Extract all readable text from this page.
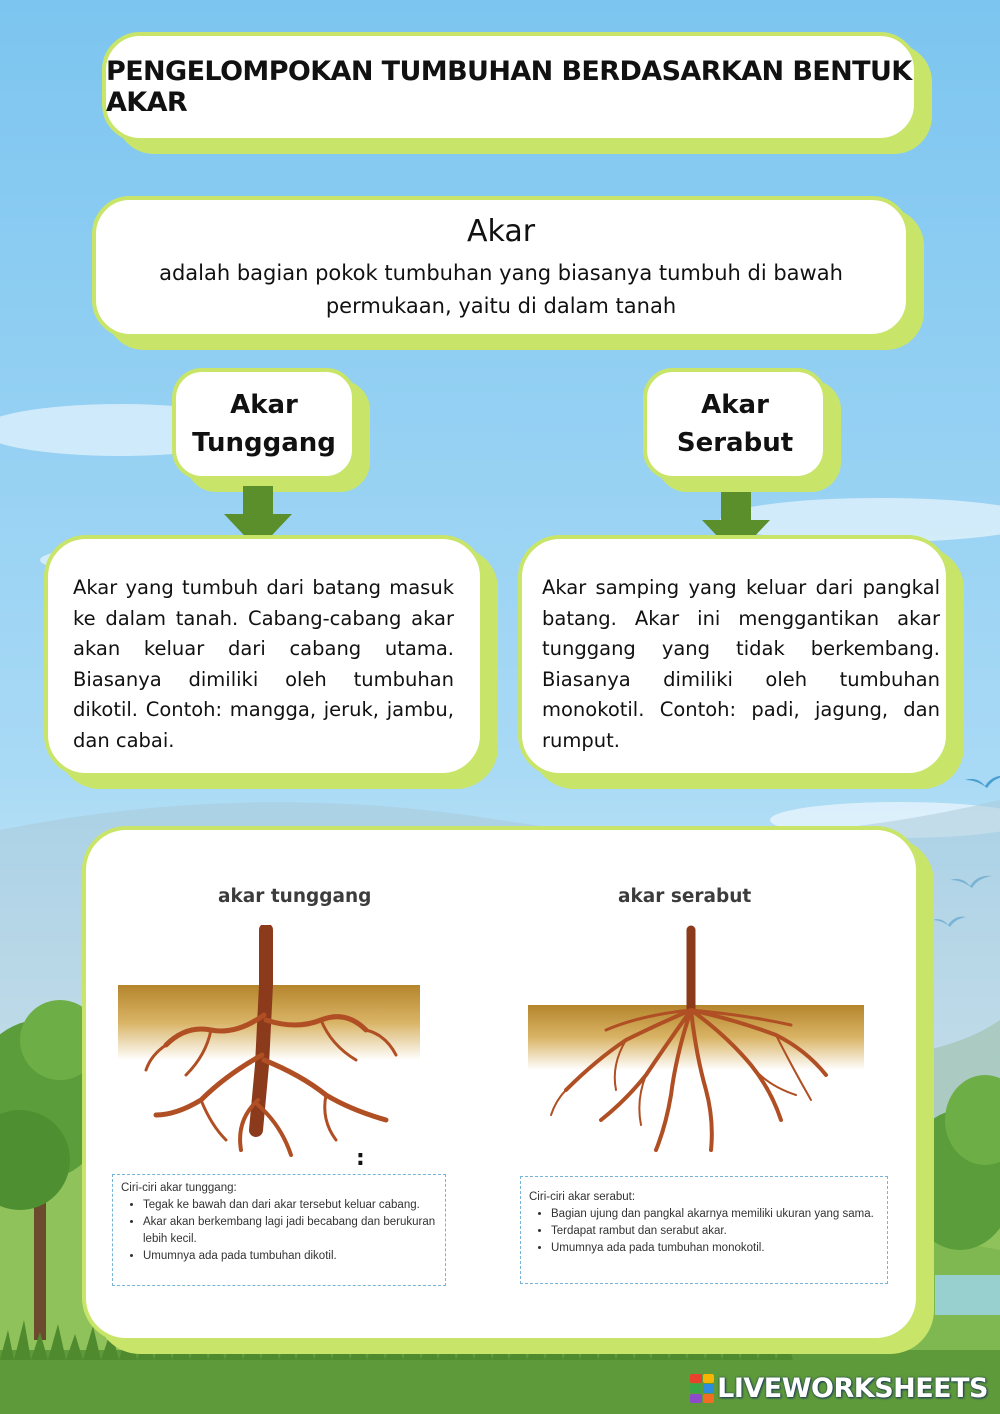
PENGELOMPOKAN TUMBUHAN BERDASARKAN BENTUK AKAR
Akar
adalah bagian pokok tumbuhan yang biasanya tumbuh di bawah permukaan, yaitu di dalam tanah
Akar
Tunggang
Akar
Serabut

Akar yang tumbuh dari batang masuk ke dalam tanah. Cabang-cabang akar akan keluar dari cabang utama. Biasanya dimiliki oleh tumbuhan dikotil. Contoh: mangga, jeruk, jambu, dan cabai.

Akar samping yang keluar dari pangkal batang. Akar ini menggantikan akar tunggang yang tidak berkembang. Biasanya dimiliki oleh tumbuhan monokotil. Contoh: padi, jagung, dan rumput.

akar tunggang	akar serabut
:
Ciri-ciri akar tunggang:
• Tegak ke bawah dan dari akar tersebut keluar cabang.
• Akar akan berkembang lagi jadi becabang dan berukuran lebih kecil.
• Umumnya ada pada tumbuhan dikotil.
Ciri-ciri akar serabut:
• Bagian ujung dan pangkal akarnya memiliki ukuran yang sama.
• Terdapat rambut dan serabut akar.
• Umumnya ada pada tumbuhan monokotil.
LIVEWORKSHEETS
